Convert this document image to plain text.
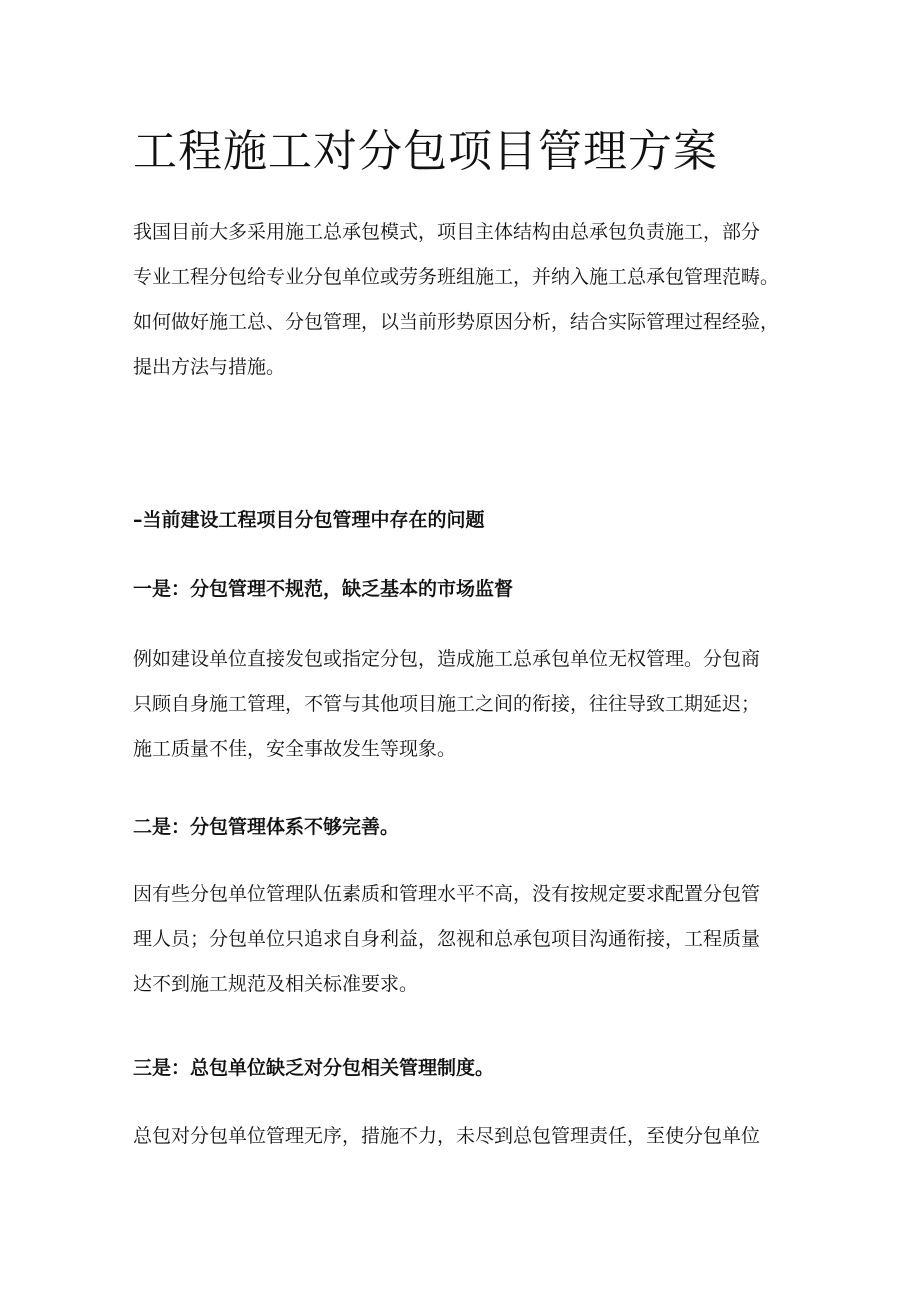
工程施工对分包项目管理方案
我国目前大多采用施工总承包模式，项目主体结构由总承包负责施工，部分
专业工程分包给专业分包单位或劳务班组施工，并纳入施工总承包管理范畴。
如何做好施工总、分包管理，以当前形势原因分析，结合实际管理过程经验，
提出方法与措施。
–当前建设工程项目分包管理中存在的问题
一是：分包管理不规范，缺乏基本的市场监督
例如建设单位直接发包或指定分包，造成施工总承包单位无权管理。分包商
只顾自身施工管理，不管与其他项目施工之间的衔接，往往导致工期延迟；
施工质量不佳，安全事故发生等现象。
二是：分包管理体系不够完善。
因有些分包单位管理队伍素质和管理水平不高，没有按规定要求配置分包管
理人员；分包单位只追求自身利益，忽视和总承包项目沟通衔接，工程质量
达不到施工规范及相关标准要求。
三是：总包单位缺乏对分包相关管理制度。
总包对分包单位管理无序，措施不力，未尽到总包管理责任，至使分包单位
